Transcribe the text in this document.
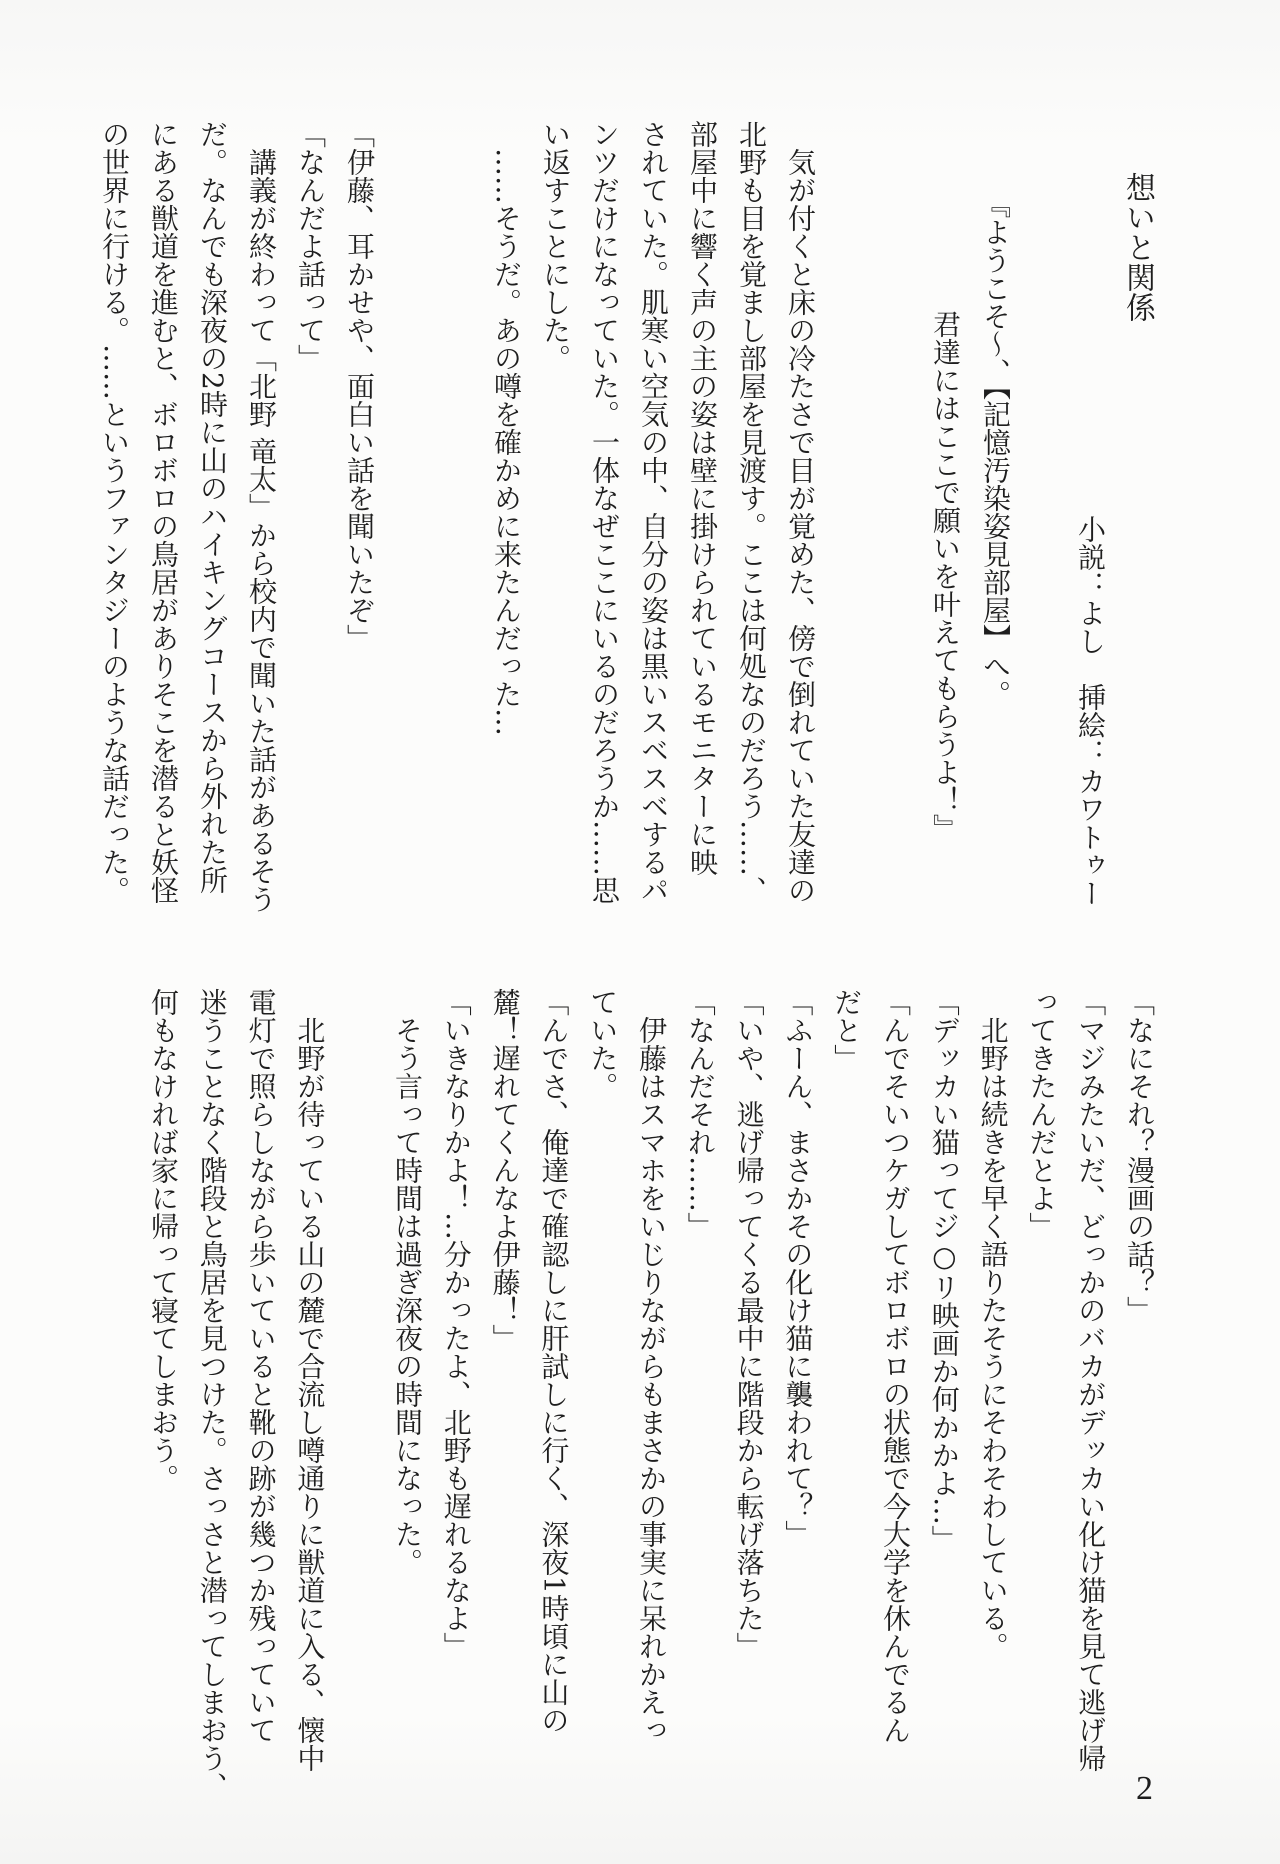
想いと関係
小説：よし　挿絵：カワトゥー
『ようこそ〜、【記憶汚染姿見部屋】へ。
君達にはここで願いを叶えてもらうよ！』
　気が付くと床の冷たさで目が覚めた、傍で倒れていた友達の
北野も目を覚まし部屋を見渡す。ここは何処なのだろう……、
部屋中に響く声の主の姿は壁に掛けられているモニターに映
されていた。肌寒い空気の中、自分の姿は黒いスベスベするパ
ンツだけになっていた。一体なぜここにいるのだろうか……思
い返すことにした。
　……そうだ。あの噂を確かめに来たんだった…
「伊藤、耳かせや、面白い話を聞いたぞ」
「なんだよ話って」
　講義が終わって「北野 竜太」から校内で聞いた話があるそう
だ。なんでも深夜の2時に山のハイキングコースから外れた所
にある獣道を進むと、ボロボロの鳥居がありそこを潜ると妖怪
の世界に行ける。……というファンタジーのような話だった。
「なにそれ？漫画の話？」
「マジみたいだ、どっかのバカがデッカい化け猫を見て逃げ帰
ってきたんだとよ」
　北野は続きを早く語りたそうにそわそわしている。
「デッカい猫ってジ○リ映画か何かかよ…」
「んでそいつケガしてボロボロの状態で今大学を休んでるん
だと」
「ふーん、まさかその化け猫に襲われて？」
「いや、逃げ帰ってくる最中に階段から転げ落ちた」
「なんだそれ……」
　伊藤はスマホをいじりながらもまさかの事実に呆れかえっ
ていた。
「んでさ、俺達で確認しに肝試しに行く、深夜1時頃に山の
麓！遅れてくんなよ伊藤！」
「いきなりかよ！…分かったよ、北野も遅れるなよ」
　そう言って時間は過ぎ深夜の時間になった。
　北野が待っている山の麓で合流し噂通りに獣道に入る、懐中
電灯で照らしながら歩いていると靴の跡が幾つか残っていて
迷うことなく階段と鳥居を見つけた。さっさと潜ってしまおう、
何もなければ家に帰って寝てしまおう。
2
